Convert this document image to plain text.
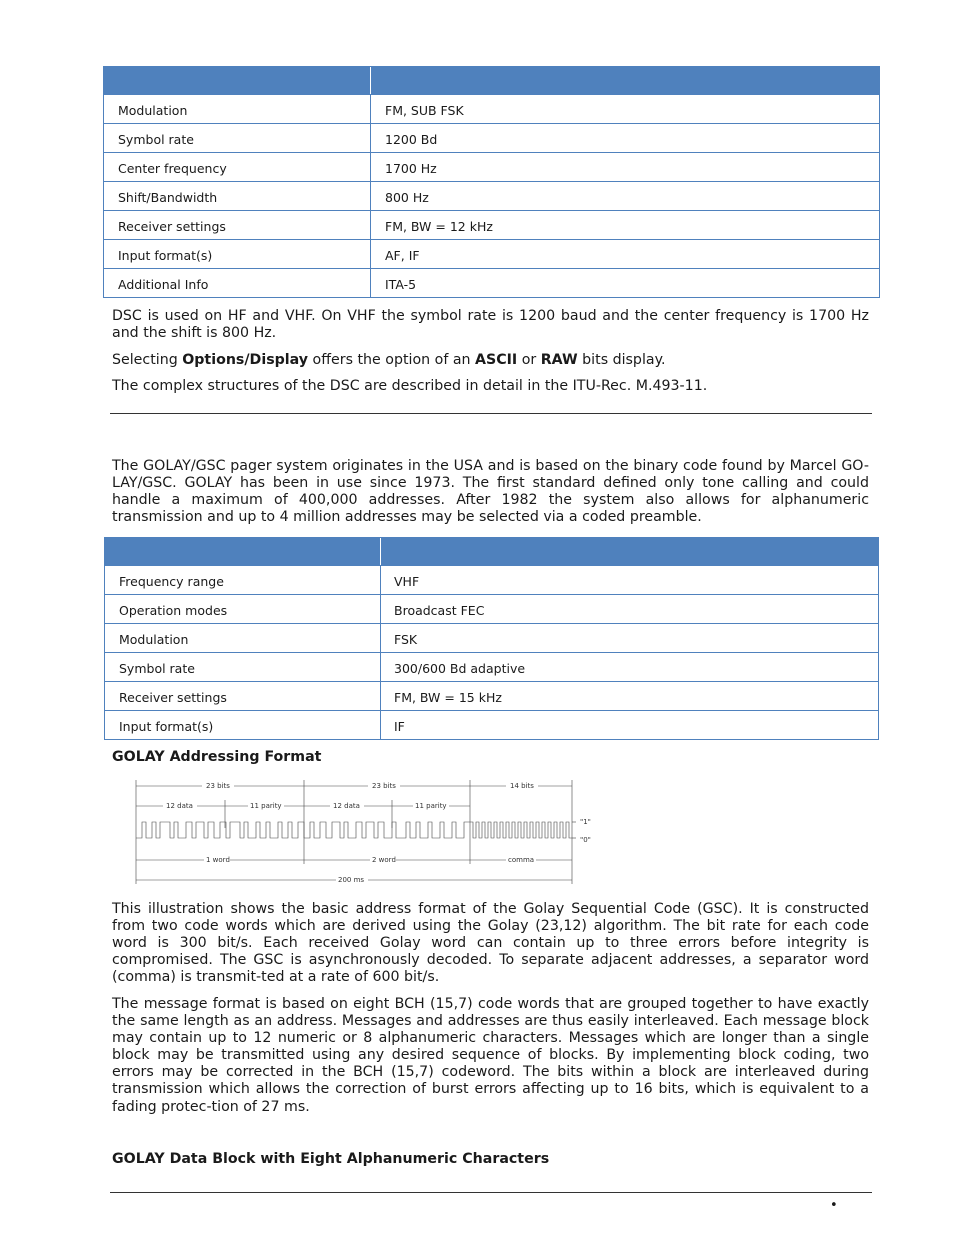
Modulation	FM, SUB FSK
Symbol rate	1200 Bd
Center frequency	1700 Hz
Shift/Bandwidth	800 Hz
Receiver settings	FM, BW = 12 kHz
Input format(s)	AF, IF
Additional Info	ITA-5

DSC is used on HF and VHF. On VHF the symbol rate is 1200 baud and the center frequency is 1700 Hz and the shift is 800 Hz.

Selecting Options/Display offers the option of an ASCII or RAW bits display.

The complex structures of the DSC are described in detail in the ITU-Rec. M.493-11.

The GOLAY/GSC pager system originates in the USA and is based on the binary code found by Marcel GO-LAY/GSC. GOLAY has been in use since 1973. The first standard defined only tone calling and could handle a maximum of 400,000 addresses. After 1982 the system also allows for alphanumeric transmission and up to 4 million addresses may be selected via a coded preamble.

Frequency range	VHF
Operation modes	Broadcast FEC
Modulation	FSK
Symbol rate	300/600 Bd adaptive
Receiver settings	FM, BW = 15 kHz
Input format(s)	IF
GOLAY Addressing Format
23 bits	23 bits	14 bits
12 data	11 parity	12 data	11 parity
"1"
"0"
1 word	2 word	comma
200 ms

This illustration shows the basic address format of the Golay Sequential Code (GSC). It is constructed from two code words which are derived using the Golay (23,12) algorithm. The bit rate for each code word is 300 bit/s. Each received Golay word can contain up to three errors before integrity is compromised. The GSC is asynchronously decoded. To separate adjacent addresses, a separator word (comma) is transmit-ted at a rate of 600 bit/s.

The message format is based on eight BCH (15,7) code words that are grouped together to have exactly the same length as an address. Messages and addresses are thus easily interleaved. Each message block may contain up to 12 numeric or 8 alphanumeric characters. Messages which are longer than a single block may be transmitted using any desired sequence of blocks. By implementing block coding, two errors may be corrected in the BCH (15,7) codeword. The bits within a block are interleaved during transmission which allows the correction of burst errors affecting up to 16 bits, which is equivalent to a fading protec-tion of 27 ms.

GOLAY Data Block with Eight Alphanumeric Characters
•
